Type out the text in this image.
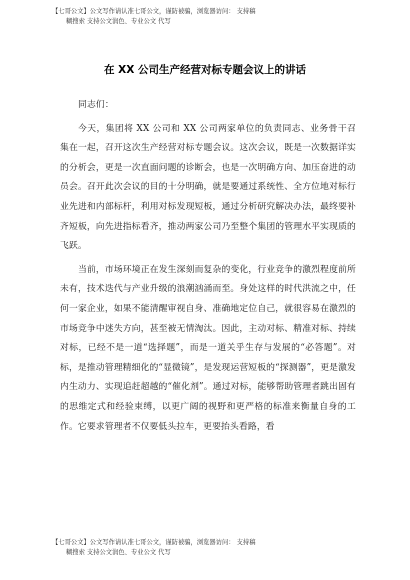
【七哥公文】公文写作请认准七哥公文，谨防被骗，浏览器访问： 支持稿
糊搜索 支持公文润色、专业公文 代写
在 XX 公司生产经营对标专题会议上的讲话

同志们：

今天，集团将 XX 公司和 XX 公司两家单位的负责同志、业务骨干召集在一起，召开这次生产经营对标专题会议。这次会议，既是一次数据详实的分析会，更是一次直面问题的诊断会，也是一次明确方向、加压奋进的动员会。召开此次会议的目的十分明确，就是要通过系统性、全方位地对标行业先进和内部标杆，利用对标发现短板，通过分析研究解决办法，最终要补齐短板，向先进指标看齐，推动两家公司乃至整个集团的管理水平实现质的飞跃。

当前，市场环境正在发生深刻而复杂的变化，行业竞争的激烈程度前所未有，技术迭代与产业升级的浪潮汹涌而至。身处这样的时代洪流之中，任何一家企业，如果不能清醒审视自身、准确地定位自己，就很容易在激烈的市场竞争中迷失方向，甚至被无情淘汰。因此，主动对标、精准对标、持续对标，已经不是一道“选择题”，而是一道关乎生存与发展的“必答题”。对标，是推动管理精细化的“显微镜”，是发现运营短板的“探测器”，更是激发内生动力、实现追赶超越的“催化剂”。通过对标，能够帮助管理者跳出固有的思维定式和经验束缚，以更广阔的视野和更严格的标准来衡量自身的工作。它要求管理者不仅要低头拉车，更要抬头看路，看

【七哥公文】公文写作请认准七哥公文，谨防被骗，浏览器访问： 支持稿
糊搜索 支持公文润色、专业公文 代写
